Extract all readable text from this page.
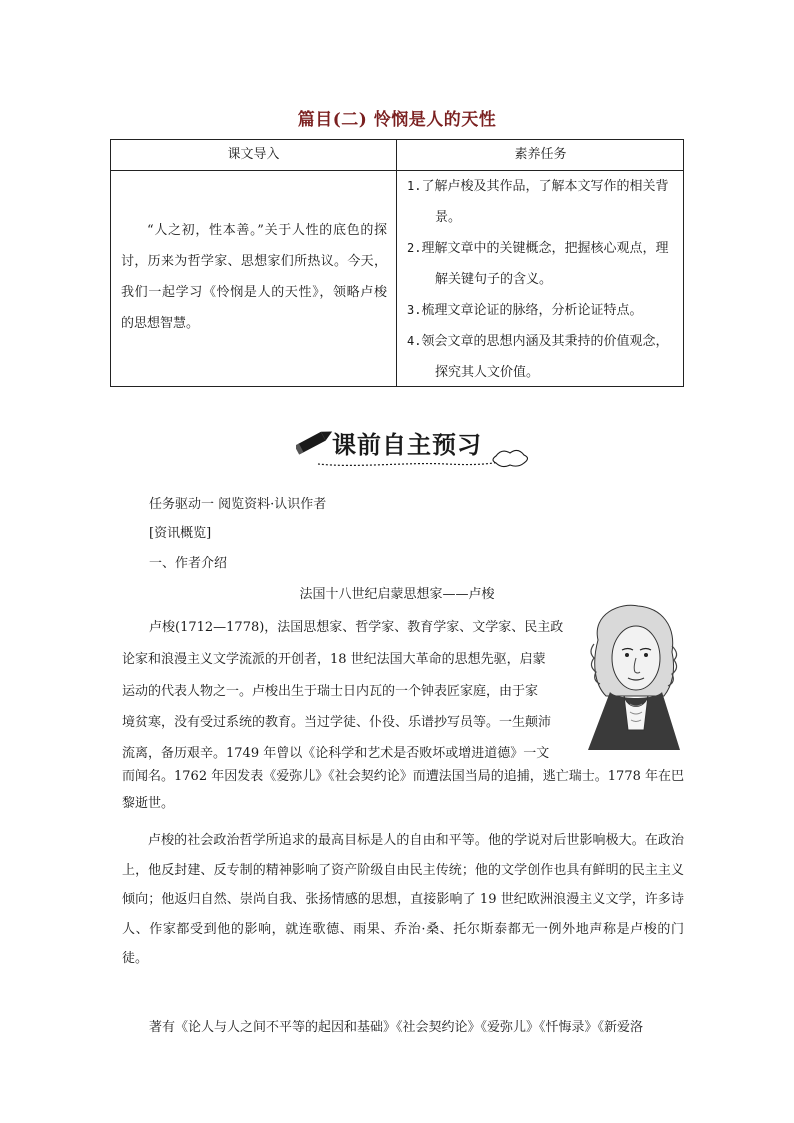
篇目(二) 怜悯是人的天性
课文导入	素养任务
“人之初，性本善。”关于人性的底色的探讨，历来为哲学家、思想家们所热议。今天，我们一起学习《怜悯是人的天性》，领略卢梭的思想智慧。
1.了解卢梭及其作品，了解本文写作的相关背景。
2.理解文章中的关键概念，把握核心观点，理解关键句子的含义。
3.梳理文章论证的脉络，分析论证特点。
4.领会文章的思想内涵及其秉持的价值观念，探究其人文价值。
课前自主预习
任务驱动一 阅览资料·认识作者
[资讯概览]
一、作者介绍
法国十八世纪启蒙思想家——卢梭
卢梭(1712—1778)，法国思想家、哲学家、教育学家、文学家、民主政
论家和浪漫主义文学流派的开创者，18 世纪法国大革命的思想先驱，启蒙
运动的代表人物之一。卢梭出生于瑞士日内瓦的一个钟表匠家庭，由于家
境贫寒，没有受过系统的教育。当过学徒、仆役、乐谱抄写员等。一生颠沛
流离，备历艰辛。1749 年曾以《论科学和艺术是否败坏或增进道德》一文
而闻名。1762 年因发表《爱弥儿》《社会契约论》而遭法国当局的追捕，逃亡瑞士。1778 年在巴黎逝世。
卢梭的社会政治哲学所追求的最高目标是人的自由和平等。他的学说对后世影响极大。在政治上，他反封建、反专制的精神影响了资产阶级自由民主传统；他的文学创作也具有鲜明的民主主义倾向；他返归自然、崇尚自我、张扬情感的思想，直接影响了 19 世纪欧洲浪漫主义文学，许多诗人、作家都受到他的影响，就连歌德、雨果、乔治·桑、托尔斯泰都无一例外地声称是卢梭的门徒。
著有《论人与人之间不平等的起因和基础》《社会契约论》《爱弥儿》《忏悔录》《新爱洛
